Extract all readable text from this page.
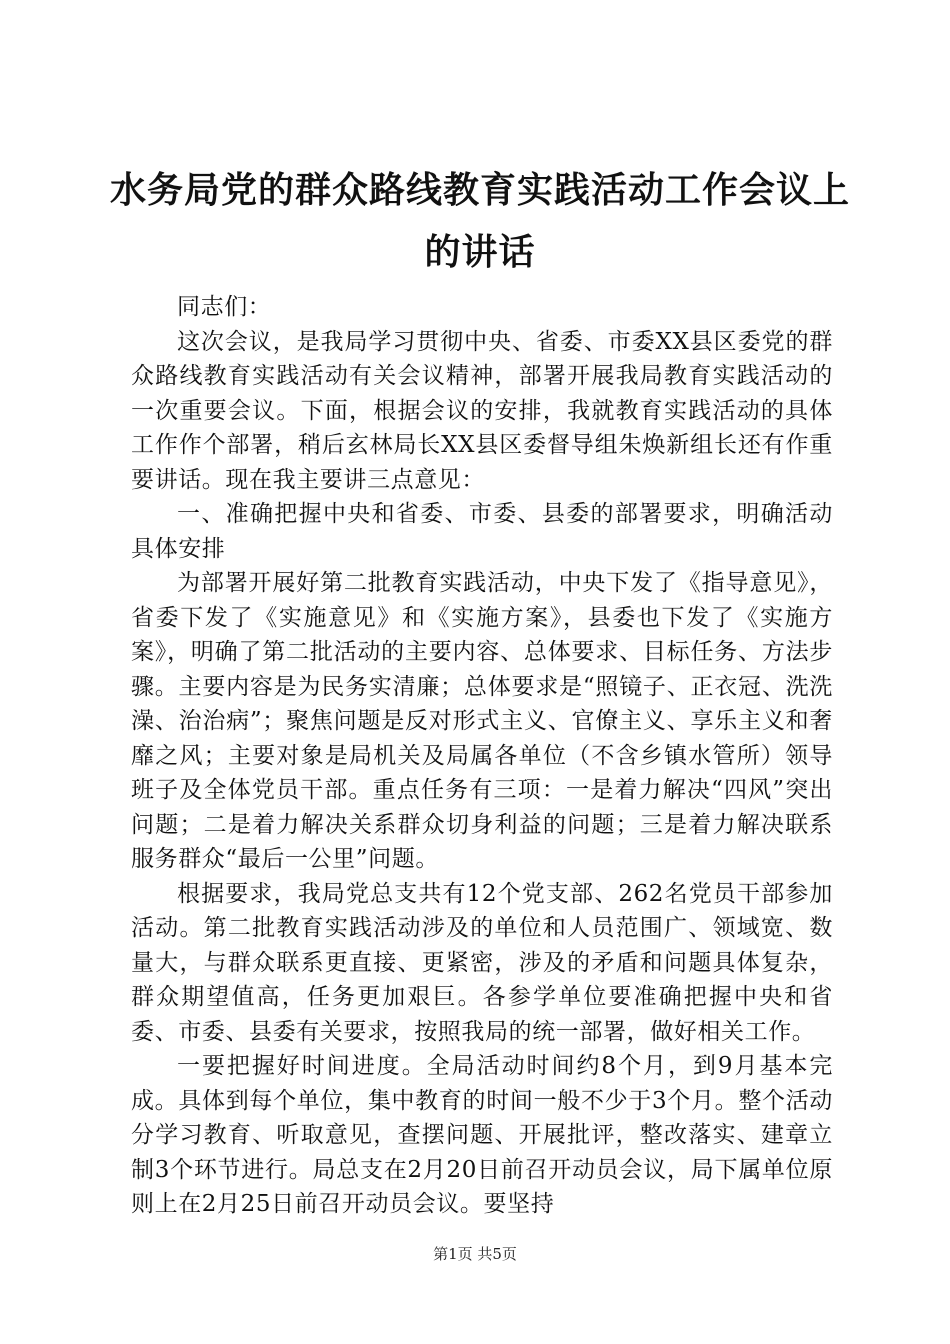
水务局党的群众路线教育实践活动工作会议上的讲话

同志们：

这次会议，是我局学习贯彻中央、省委、市委XX县区委党的群众路线教育实践活动有关会议精神，部署开展我局教育实践活动的一次重要会议。下面，根据会议的安排，我就教育实践活动的具体工作作个部署，稍后玄林局长XX县区委督导组朱焕新组长还有作重要讲话。现在我主要讲三点意见：

一、准确把握中央和省委、市委、县委的部署要求，明确活动具体安排

为部署开展好第二批教育实践活动，中央下发了《指导意见》，省委下发了《实施意见》和《实施方案》，县委也下发了《实施方案》，明确了第二批活动的主要内容、总体要求、目标任务、方法步骤。主要内容是为民务实清廉；总体要求是“照镜子、正衣冠、洗洗澡、治治病”；聚焦问题是反对形式主义、官僚主义、享乐主义和奢靡之风；主要对象是局机关及局属各单位（不含乡镇水管所）领导班子及全体党员干部。重点任务有三项：一是着力解决“四风”突出问题；二是着力解决关系群众切身利益的问题；三是着力解决联系服务群众“最后一公里”问题。

根据要求，我局党总支共有12个党支部、262名党员干部参加活动。第二批教育实践活动涉及的单位和人员范围广、领域宽、数量大，与群众联系更直接、更紧密，涉及的矛盾和问题具体复杂，群众期望值高，任务更加艰巨。各参学单位要准确把握中央和省委、市委、县委有关要求，按照我局的统一部署，做好相关工作。

一要把握好时间进度。全局活动时间约8个月，到9月基本完成。具体到每个单位，集中教育的时间一般不少于3个月。整个活动分学习教育、听取意见，查摆问题、开展批评，整改落实、建章立制3个环节进行。局总支在2月20日前召开动员会议，局下属单位原则上在2月25日前召开动员会议。要坚持

第1页 共5页
